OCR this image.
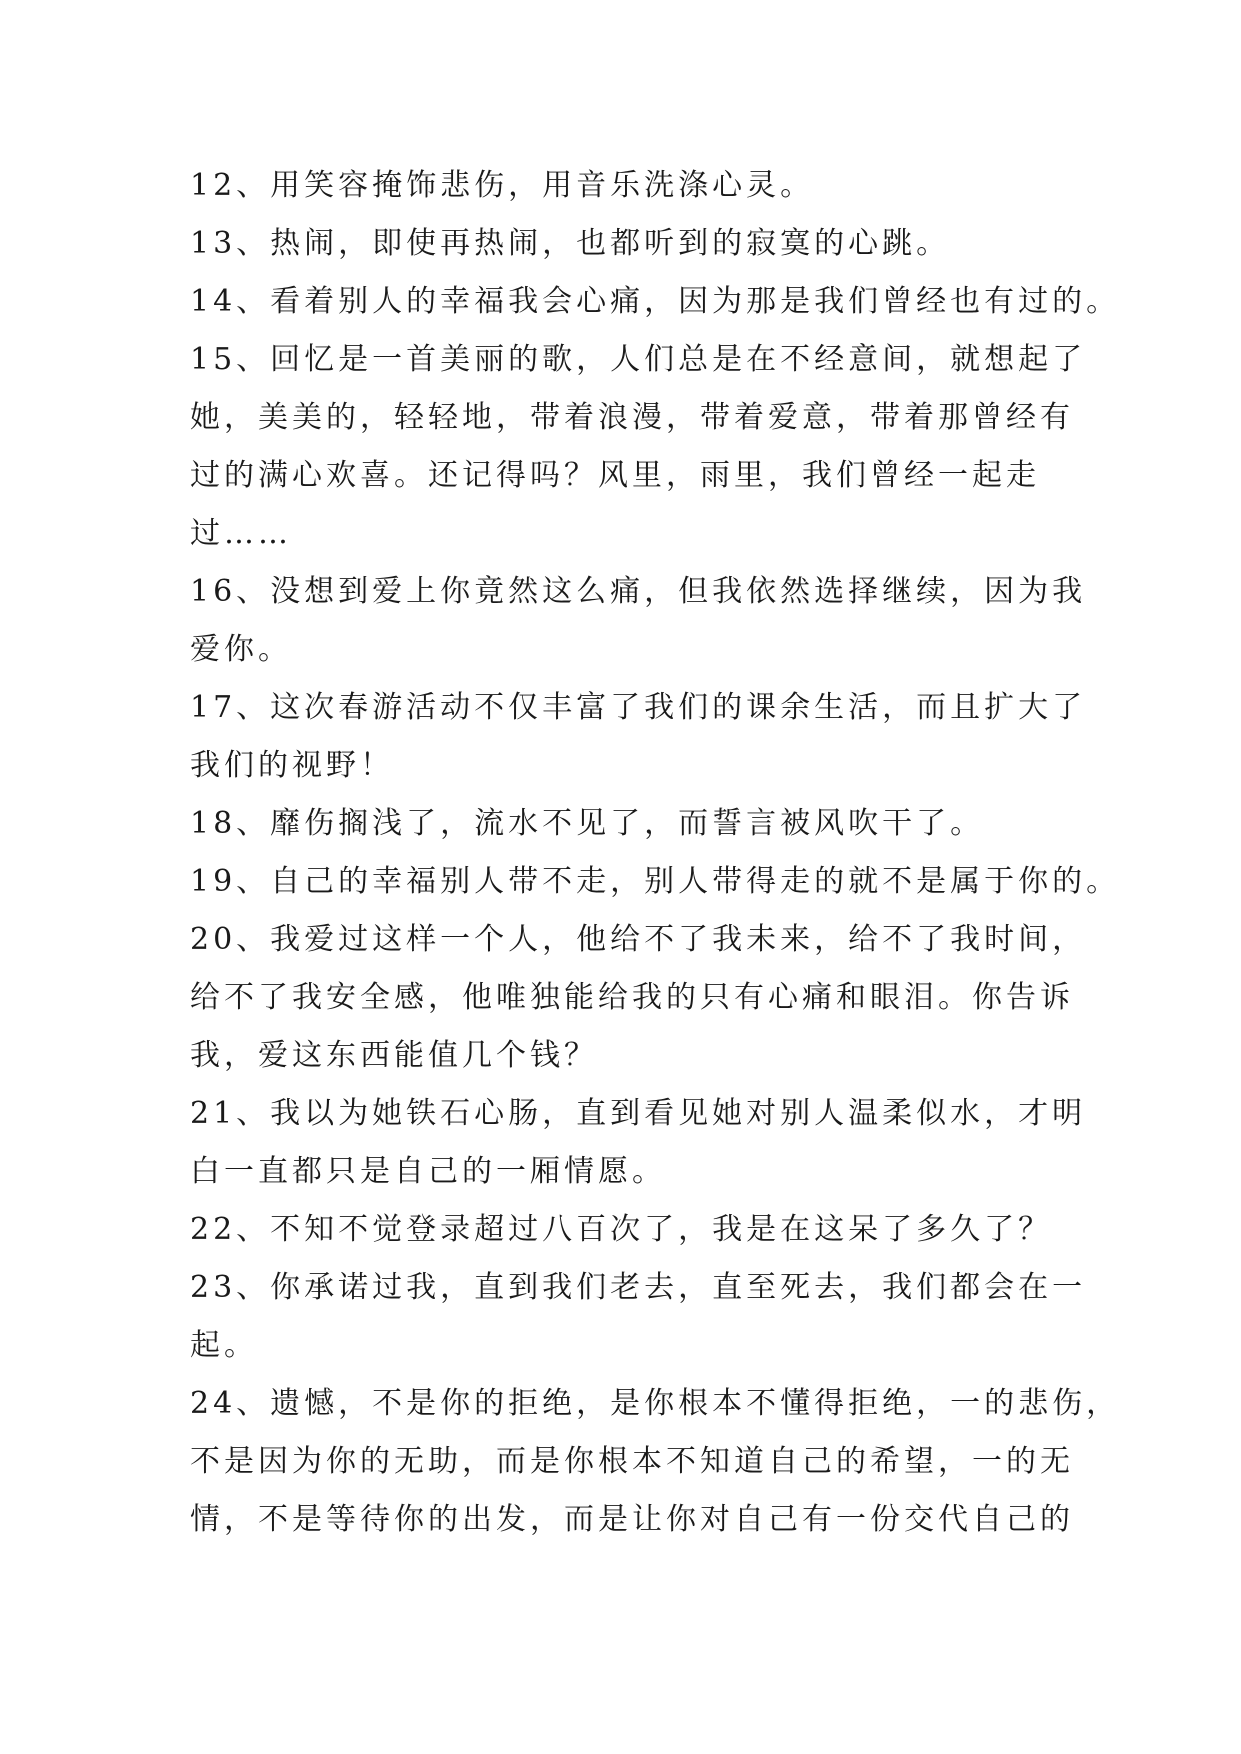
12、用笑容掩饰悲伤，用音乐洗涤心灵。
13、热闹，即使再热闹，也都听到的寂寞的心跳。
14、看着别人的幸福我会心痛，因为那是我们曾经也有过的。
15、回忆是一首美丽的歌，人们总是在不经意间，就想起了
她，美美的，轻轻地，带着浪漫，带着爱意，带着那曾经有
过的满心欢喜。还记得吗？风里，雨里，我们曾经一起走
过……
16、没想到爱上你竟然这么痛，但我依然选择继续，因为我
爱你。
17、这次春游活动不仅丰富了我们的课余生活，而且扩大了
我们的视野！
18、靡伤搁浅了，流水不见了，而誓言被风吹干了。
19、自己的幸福别人带不走，别人带得走的就不是属于你的。
20、我爱过这样一个人，他给不了我未来，给不了我时间，
给不了我安全感，他唯独能给我的只有心痛和眼泪。你告诉
我，爱这东西能值几个钱？
21、我以为她铁石心肠，直到看见她对别人温柔似水，才明
白一直都只是自己的一厢情愿。
22、不知不觉登录超过八百次了，我是在这呆了多久了？
23、你承诺过我，直到我们老去，直至死去，我们都会在一
起。
24、遗憾，不是你的拒绝，是你根本不懂得拒绝，一的悲伤，
不是因为你的无助，而是你根本不知道自己的希望，一的无
情，不是等待你的出发，而是让你对自己有一份交代自己的
